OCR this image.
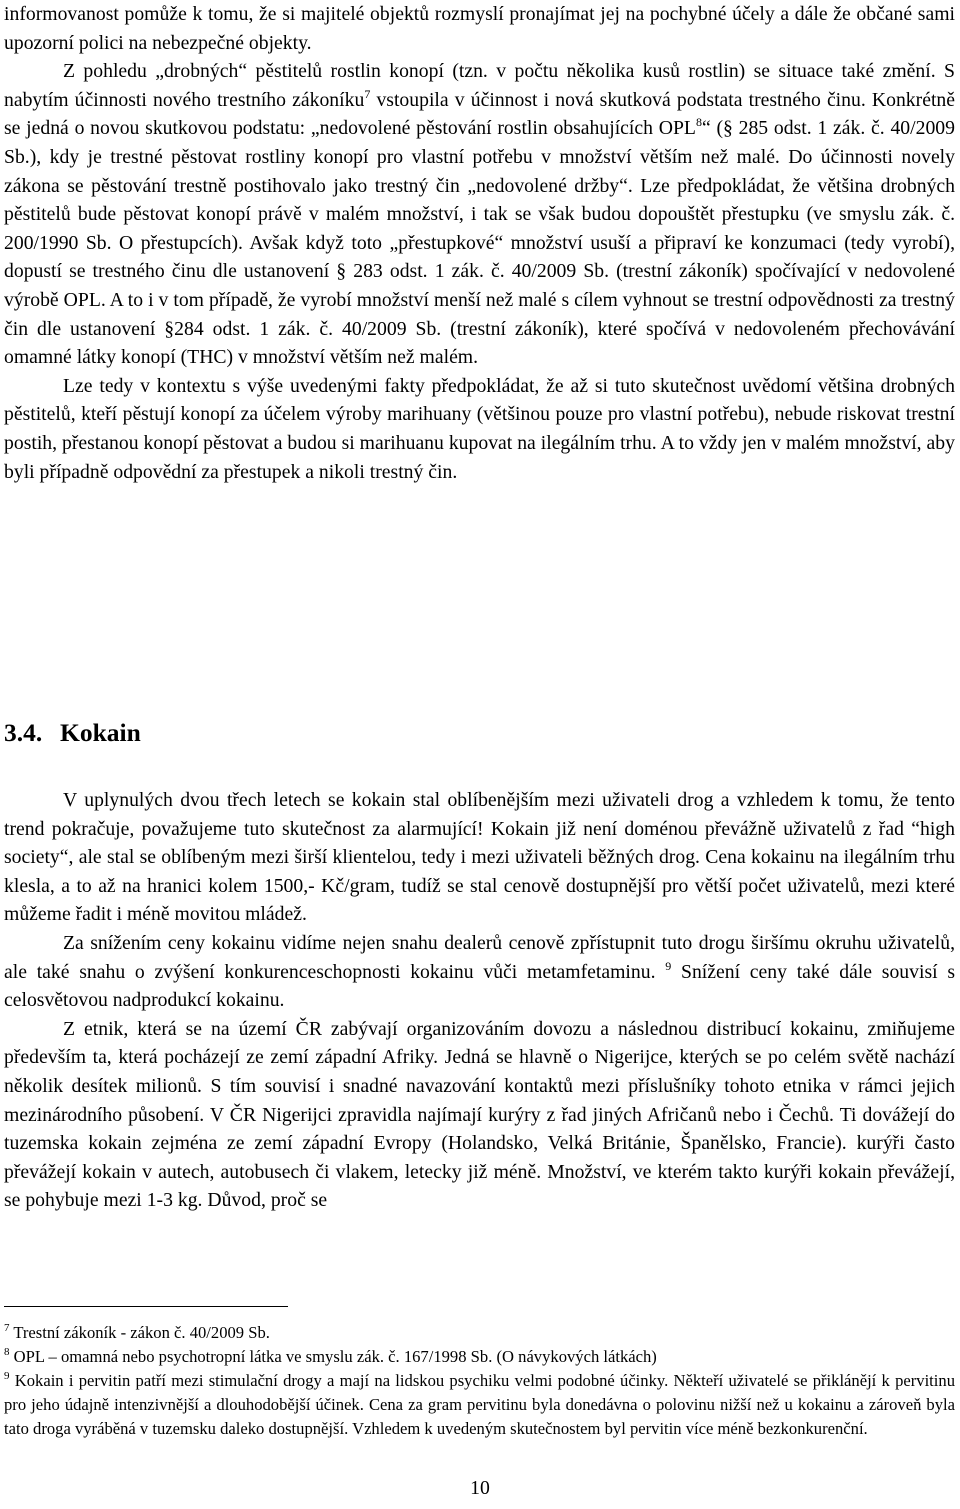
informovanost pomůže k tomu, že si majitelé objektů rozmyslí pronajímat jej na pochybné účely a dále že občané sami upozorní polici na nebezpečné objekty.

Z pohledu „drobných“ pěstitelů rostlin konopí (tzn. v počtu několika kusů rostlin) se situace také změní. S nabytím účinnosti nového trestního zákoníku$^7$ vstoupila v účinnost i nová skutková podstata trestného činu. Konkrétně se jedná o novou skutkovou podstatu: „nedovolené pěstování rostlin obsahujících OPL$^8$“ (§ 285 odst. 1 zák. č. 40/2009 Sb.), kdy je trestné pěstovat rostliny konopí pro vlastní potřebu v množství větším než malé. Do účinnosti novely zákona se pěstování trestně postihovalo jako trestný čin „nedovolené držby“. Lze předpokládat, že většina drobných pěstitelů bude pěstovat konopí právě v malém množství, i tak se však budou dopouštět přestupku (ve smyslu zák. č. 200/1990 Sb. O přestupcích). Avšak když toto „přestupkové“ množství usuší a připraví ke konzumaci (tedy vyrobí), dopustí se trestného činu dle ustanovení § 283 odst. 1 zák. č. 40/2009 Sb. (trestní zákoník) spočívající v nedovolené výrobě OPL. A to i v tom případě, že vyrobí množství menší než malé s cílem vyhnout se trestní odpovědnosti za trestný čin dle ustanovení §284 odst. 1 zák. č. 40/2009 Sb. (trestní zákoník), které spočívá v nedovoleném přechovávání omamné látky konopí (THC) v množství větším než malém.

Lze tedy v kontextu s výše uvedenými fakty předpokládat, že až si tuto skutečnost uvědomí většina drobných pěstitelů, kteří pěstují konopí za účelem výroby marihuany (většinou pouze pro vlastní potřebu), nebude riskovat trestní postih, přestanou konopí pěstovat a budou si marihuanu kupovat na ilegálním trhu. A to vždy jen v malém množství, aby byli případně odpovědní za přestupek a nikoli trestný čin.

3.4. Kokain

V uplynulých dvou třech letech se kokain stal oblíbenějším mezi uživateli drog a vzhledem k tomu, že tento trend pokračuje, považujeme tuto skutečnost za alarmující! Kokain již není doménou převážně uživatelů z řad “high society“, ale stal se oblíbeným mezi širší klientelou, tedy i mezi uživateli běžných drog. Cena kokainu na ilegálním trhu klesla, a to až na hranici kolem 1500,- Kč/gram, tudíž se stal cenově dostupnější pro větší počet uživatelů, mezi které můžeme řadit i méně movitou mládež.

Za snížením ceny kokainu vidíme nejen snahu dealerů cenově zpřístupnit tuto drogu širšímu okruhu uživatelů, ale také snahu o zvýšení konkurenceschopnosti kokainu vůči metamfetaminu. $^9$ Snížení ceny také dále souvisí s celosvětovou nadprodukcí kokainu.

Z etnik, která se na území ČR zabývají organizováním dovozu a následnou distribucí kokainu, zmiňujeme především ta, která pocházejí ze zemí západní Afriky. Jedná se hlavně o Nigerijce, kterých se po celém světě nachází několik desítek milionů. S tím souvisí i snadné navazování kontaktů mezi příslušníky tohoto etnika v rámci jejich mezinárodního působení. V ČR Nigerijci zpravidla najímají kurýry z řad jiných Afričanů nebo i Čechů. Ti dovážejí do tuzemska kokain zejména ze zemí západní Evropy (Holandsko, Velká Británie, Španělsko, Francie). kurýři často převážejí kokain v autech, autobusech či vlakem, letecky již méně. Množství, ve kterém takto kurýři kokain převážejí, se pohybuje mezi 1-3 kg. Důvod, proč se

$^7$ Trestní zákoník - zákon č. 40/2009 Sb.

$^8$ OPL – omamná nebo psychotropní látka ve smyslu zák. č. 167/1998 Sb. (O návykových látkách)

$^9$ Kokain i pervitin patří mezi stimulační drogy a mají na lidskou psychiku velmi podobné účinky. Někteří uživatelé se přiklánějí k pervitinu pro jeho údajně intenzivnější a dlouhodobější účinek. Cena za gram pervitinu byla donedávna o polovinu nižší než u kokainu a zároveň byla tato droga vyráběná v tuzemsku daleko dostupnější. Vzhledem k uvedeným skutečnostem byl pervitin více méně bezkonkurenční.

10
